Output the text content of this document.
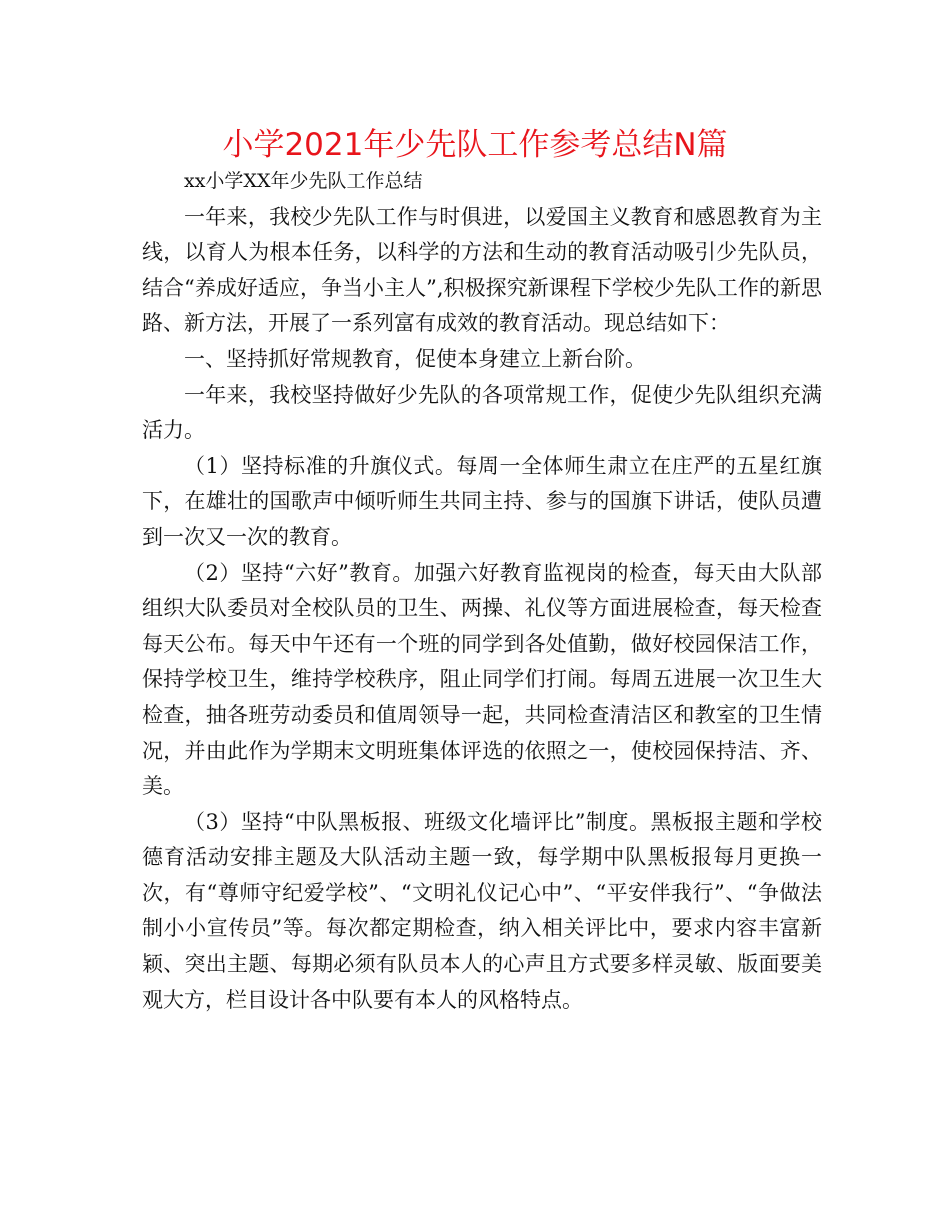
小学2021年少先队工作参考总结N篇

xx小学XX年少先队工作总结

一年来，我校少先队工作与时俱进，以爱国主义教育和感恩教育为主线，以育人为根本任务，以科学的方法和生动的教育活动吸引少先队员，结合“养成好适应，争当小主人”,积极探究新课程下学校少先队工作的新思路、新方法，开展了一系列富有成效的教育活动。现总结如下：

一、坚持抓好常规教育，促使本身建立上新台阶。

一年来，我校坚持做好少先队的各项常规工作，促使少先队组织充满活力。

（1）坚持标准的升旗仪式。每周一全体师生肃立在庄严的五星红旗下，在雄壮的国歌声中倾听师生共同主持、参与的国旗下讲话，使队员遭到一次又一次的教育。

（2）坚持“六好”教育。加强六好教育监视岗的检查，每天由大队部组织大队委员对全校队员的卫生、两操、礼仪等方面进展检查，每天检查每天公布。每天中午还有一个班的同学到各处值勤，做好校园保洁工作，保持学校卫生，维持学校秩序，阻止同学们打闹。每周五进展一次卫生大检查，抽各班劳动委员和值周领导一起，共同检查清洁区和教室的卫生情况，并由此作为学期末文明班集体评选的依照之一，使校园保持洁、齐、美。

（3）坚持“中队黑板报、班级文化墙评比”制度。黑板报主题和学校德育活动安排主题及大队活动主题一致，每学期中队黑板报每月更换一次，有“尊师守纪爱学校”、“文明礼仪记心中”、“平安伴我行”、“争做法制小小宣传员”等。每次都定期检查，纳入相关评比中，要求内容丰富新颖、突出主题、每期必须有队员本人的心声且方式要多样灵敏、版面要美观大方，栏目设计各中队要有本人的风格特点。
